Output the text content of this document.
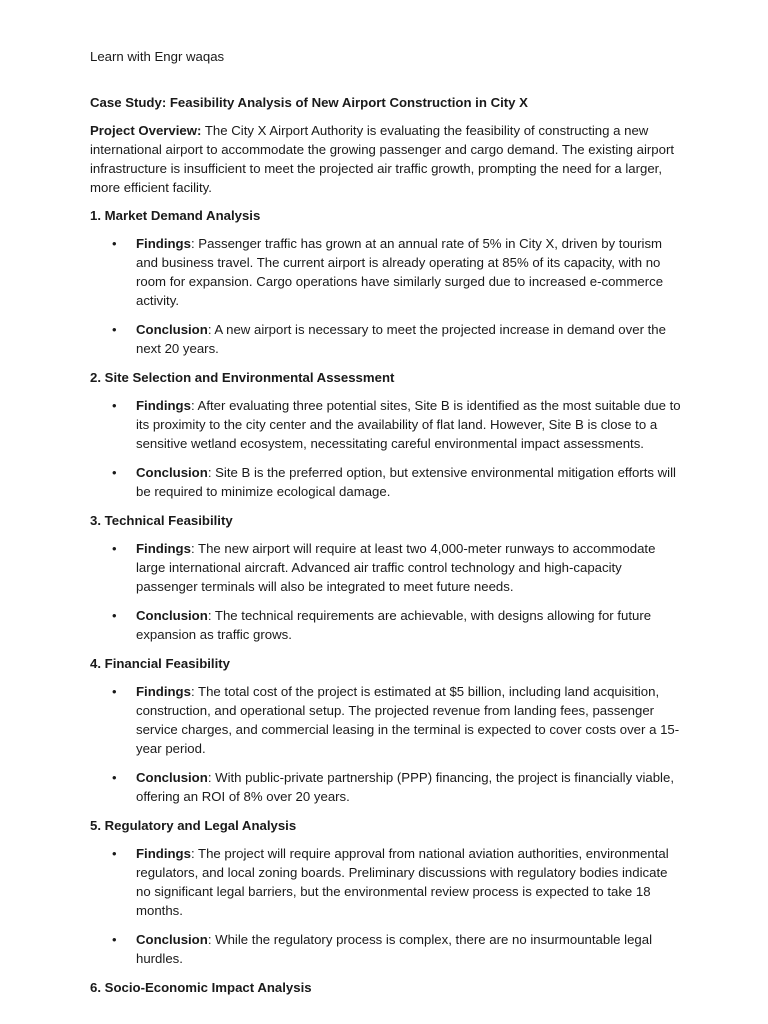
Learn with Engr waqas
Case Study: Feasibility Analysis of New Airport Construction in City X

Project Overview: The City X Airport Authority is evaluating the feasibility of constructing a new international airport to accommodate the growing passenger and cargo demand. The existing airport infrastructure is insufficient to meet the projected air traffic growth, prompting the need for a larger, more efficient facility.

1. Market Demand Analysis
• Findings: Passenger traffic has grown at an annual rate of 5% in City X, driven by tourism and business travel. The current airport is already operating at 85% of its capacity, with no room for expansion. Cargo operations have similarly surged due to increased e-commerce activity.
• Conclusion: A new airport is necessary to meet the projected increase in demand over the next 20 years.
2. Site Selection and Environmental Assessment
• Findings: After evaluating three potential sites, Site B is identified as the most suitable due to its proximity to the city center and the availability of flat land. However, Site B is close to a sensitive wetland ecosystem, necessitating careful environmental impact assessments.
• Conclusion: Site B is the preferred option, but extensive environmental mitigation efforts will be required to minimize ecological damage.
3. Technical Feasibility
• Findings: The new airport will require at least two 4,000-meter runways to accommodate large international aircraft. Advanced air traffic control technology and high-capacity passenger terminals will also be integrated to meet future needs.
• Conclusion: The technical requirements are achievable, with designs allowing for future expansion as traffic grows.
4. Financial Feasibility
• Findings: The total cost of the project is estimated at $5 billion, including land acquisition, construction, and operational setup. The projected revenue from landing fees, passenger service charges, and commercial leasing in the terminal is expected to cover costs over a 15-year period.
• Conclusion: With public-private partnership (PPP) financing, the project is financially viable, offering an ROI of 8% over 20 years.
5. Regulatory and Legal Analysis
• Findings: The project will require approval from national aviation authorities, environmental regulators, and local zoning boards. Preliminary discussions with regulatory bodies indicate no significant legal barriers, but the environmental review process is expected to take 18 months.
• Conclusion: While the regulatory process is complex, there are no insurmountable legal hurdles.
6. Socio-Economic Impact Analysis
